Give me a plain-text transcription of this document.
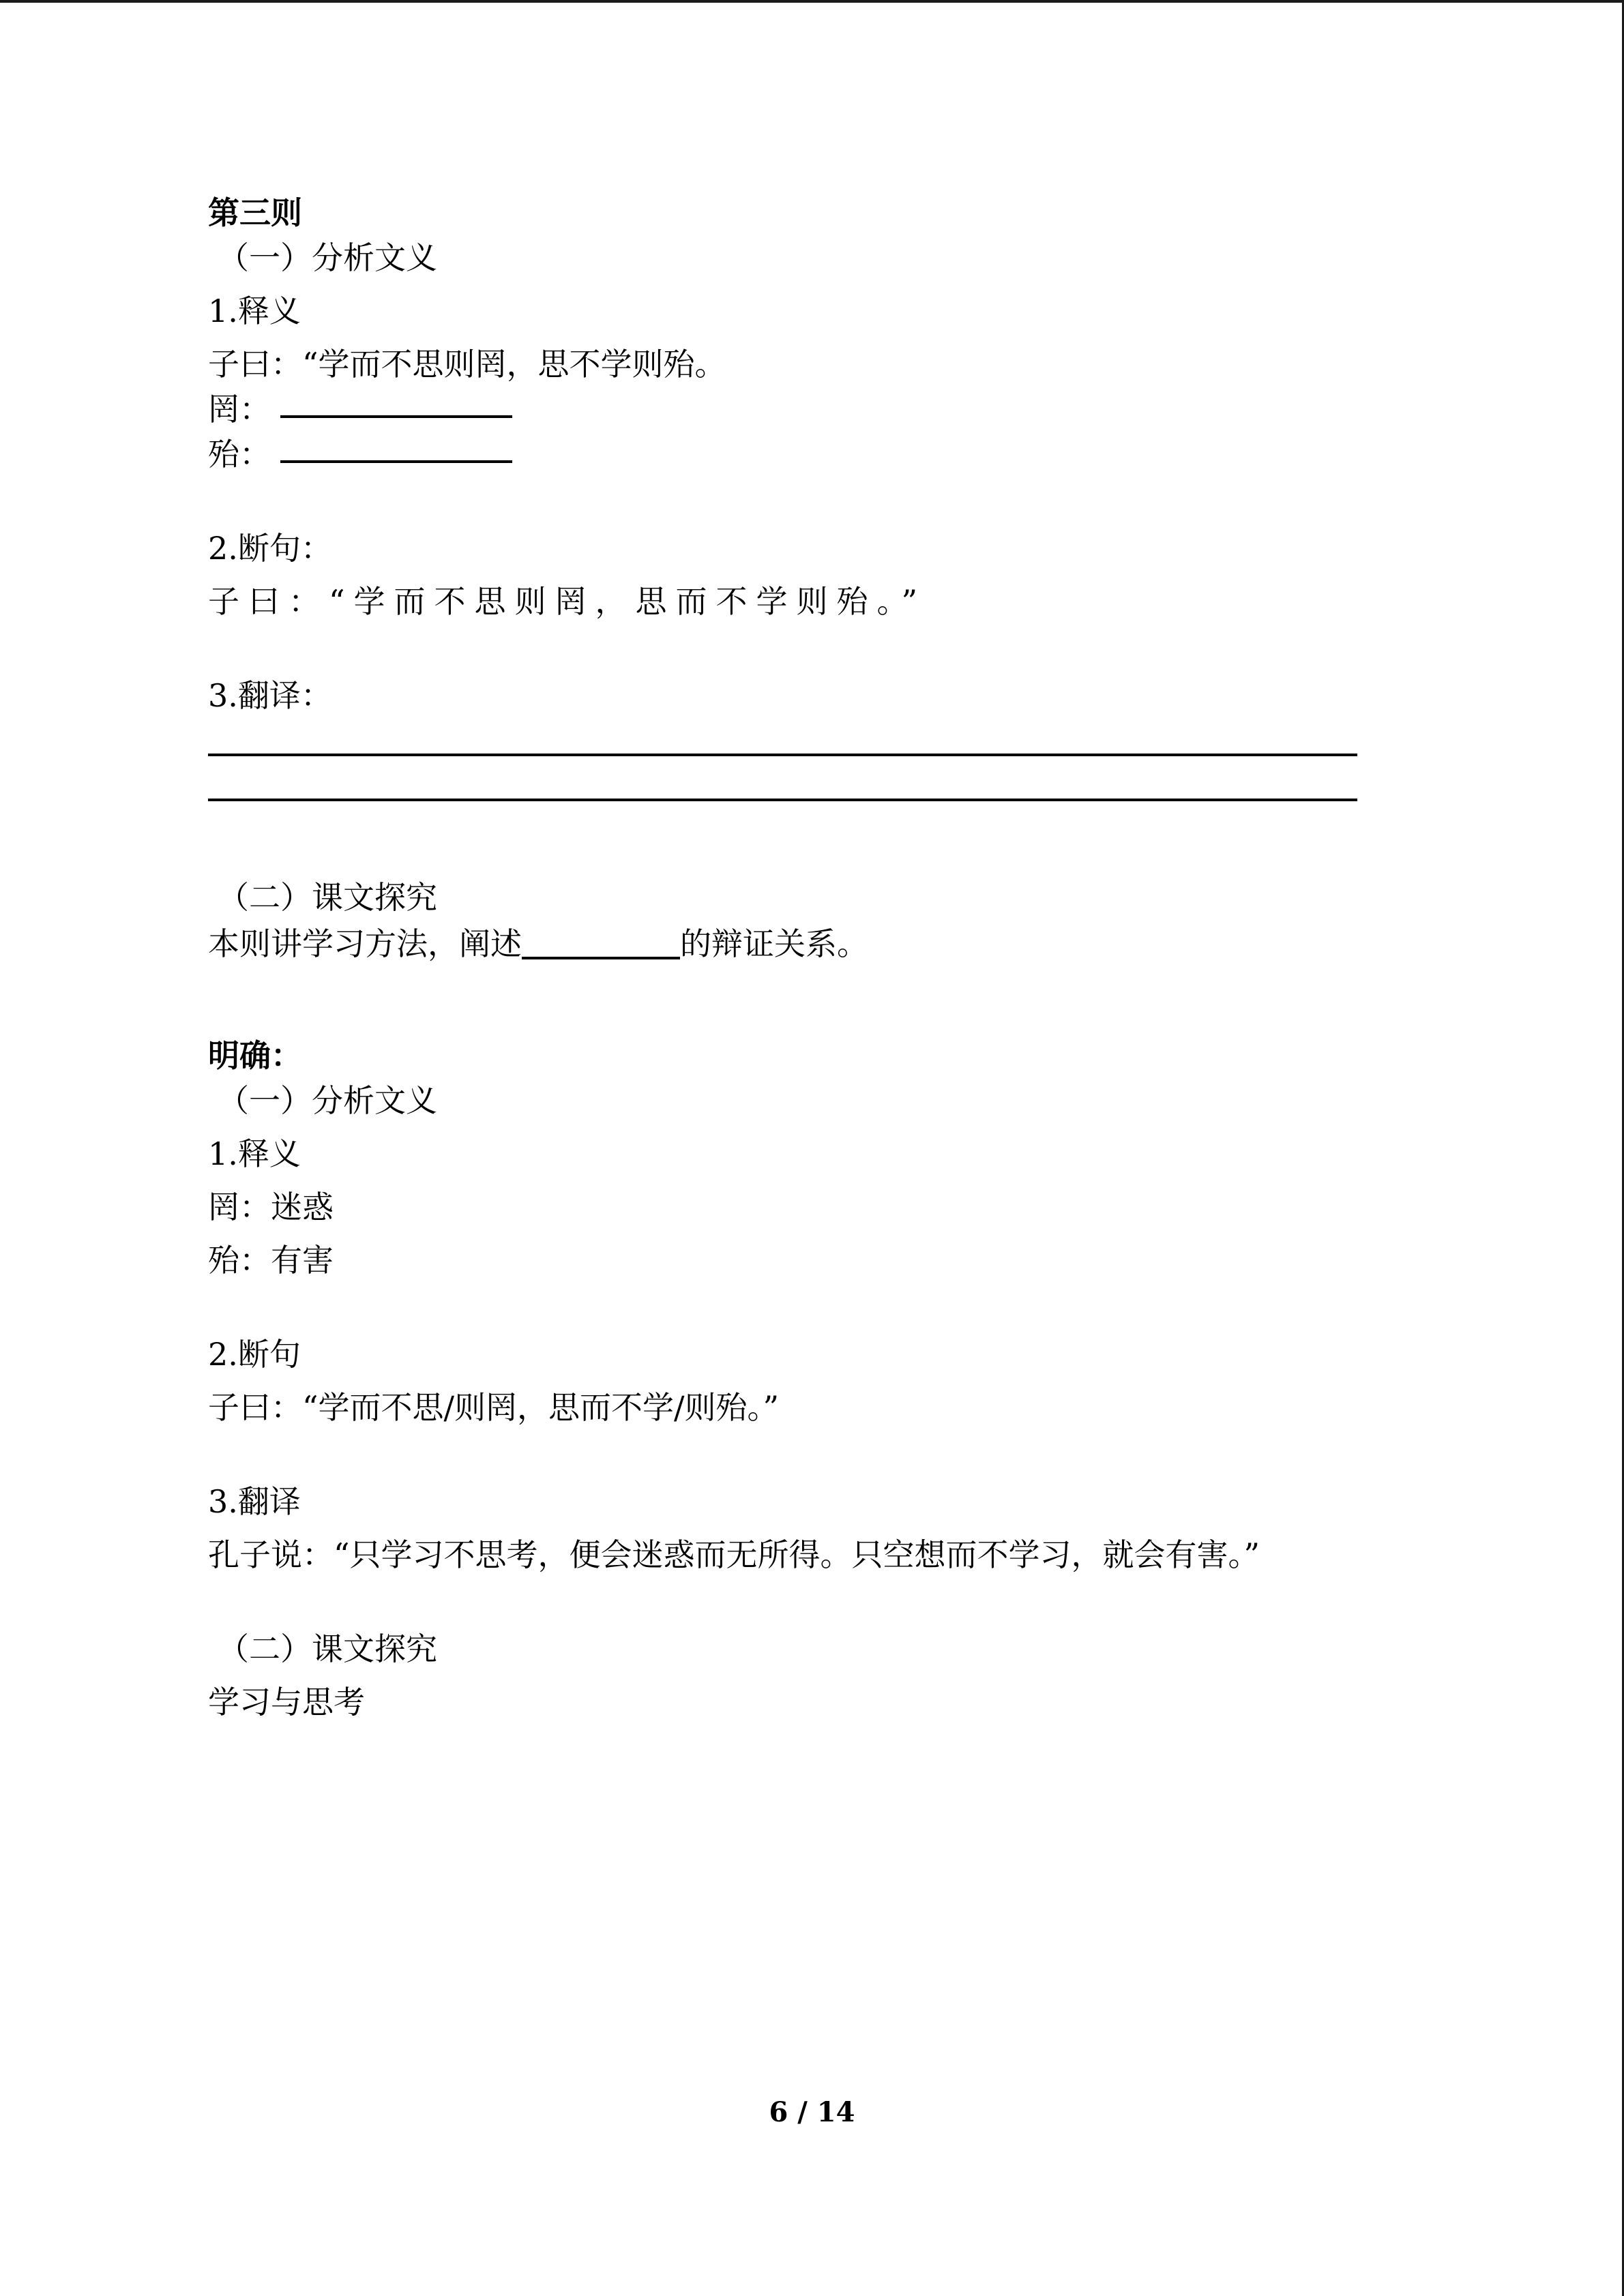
第三则
（一）分析文义
1.释义
子曰：“学而不思则罔，思不学则殆。
罔：
殆：
2.断句：
子曰：“学而不思则罔，思而不学则殆。”
3.翻译：
（二）课文探究
本则讲学习方法，阐述	的辩证关系。
明确：
（一）分析文义
1.释义
罔：迷惑
殆：有害
2.断句
子曰：“学而不思/则罔，思而不学/则殆。”
3.翻译
孔子说：“只学习不思考，便会迷惑而无所得。只空想而不学习，就会有害。”
（二）课文探究
学习与思考
6 / 14
